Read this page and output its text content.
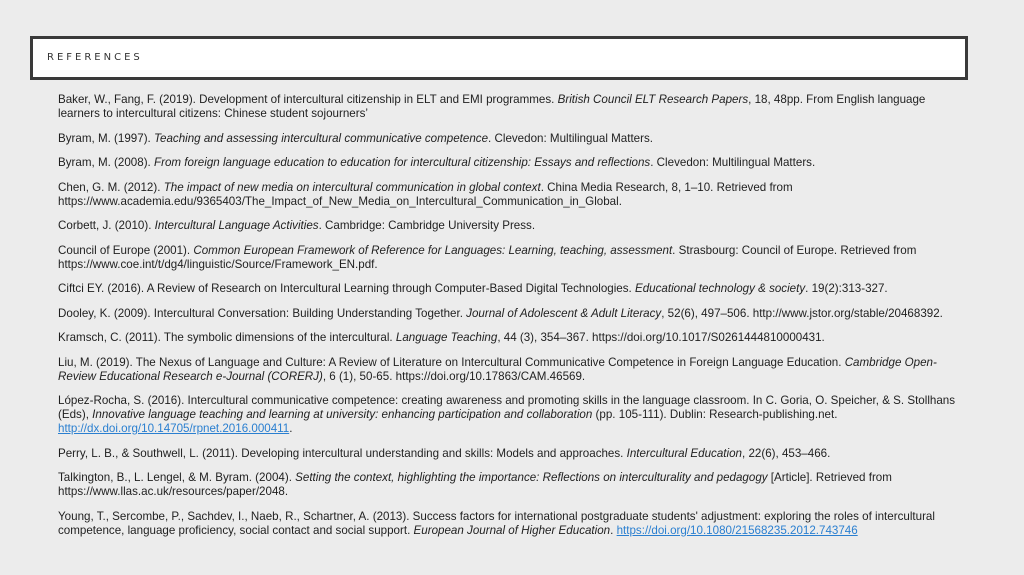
REFERENCES

Baker, W., Fang, F. (2019). Development of intercultural citizenship in ELT and EMI programmes. British Council ELT Research Papers, 18, 48pp. From English language learners to intercultural citizens: Chinese student sojourners’

Byram, M. (1997). Teaching and assessing intercultural communicative competence. Clevedon: Multilingual Matters.

Byram, M. (2008). From foreign language education to education for intercultural citizenship: Essays and reflections. Clevedon: Multilingual Matters.

Chen, G. M. (2012). The impact of new media on intercultural communication in global context. China Media Research, 8, 1–10. Retrieved from https://www.academia.edu/9365403/The_Impact_of_New_Media_on_Intercultural_Communication_in_Global.

Corbett, J. (2010). Intercultural Language Activities. Cambridge: Cambridge University Press.

Council of Europe (2001). Common European Framework of Reference for Languages: Learning, teaching, assessment. Strasbourg: Council of Europe. Retrieved from https://www.coe.int/t/dg4/linguistic/Source/Framework_EN.pdf.

Ciftci EY. (2016). A Review of Research on Intercultural Learning through Computer-Based Digital Technologies. Educational technology & society. 19(2):313-327.

Dooley, K. (2009). Intercultural Conversation: Building Understanding Together. Journal of Adolescent & Adult Literacy, 52(6), 497–506. http://www.jstor.org/stable/20468392.

Kramsch, C. (2011). The symbolic dimensions of the intercultural. Language Teaching, 44 (3), 354–367. https://doi.org/10.1017/S0261444810000431.

Liu, M. (2019). The Nexus of Language and Culture: A Review of Literature on Intercultural Communicative Competence in Foreign Language Education. Cambridge Open-Review Educational Research e-Journal (CORERJ), 6 (1), 50-65. https://doi.org/10.17863/CAM.46569.

López-Rocha, S. (2016). Intercultural communicative competence: creating awareness and promoting skills in the language classroom. In C. Goria, O. Speicher, & S. Stollhans (Eds), Innovative language teaching and learning at university: enhancing participation and collaboration (pp. 105-111). Dublin: Research-publishing.net. http://dx.doi.org/10.14705/rpnet.2016.000411.

Perry, L. B., & Southwell, L. (2011). Developing intercultural understanding and skills: Models and approaches. Intercultural Education, 22(6), 453–466.

Talkington, B., L. Lengel, & M. Byram. (2004). Setting the context, highlighting the importance: Reflections on interculturality and pedagogy [Article]. Retrieved from https://www.llas.ac.uk/resources/paper/2048.

Young, T., Sercombe, P., Sachdev, I., Naeb, R., Schartner, A. (2013). Success factors for international postgraduate students' adjustment: exploring the roles of intercultural competence, language proficiency, social contact and social support. European Journal of Higher Education. https://doi.org/10.1080/21568235.2012.743746
